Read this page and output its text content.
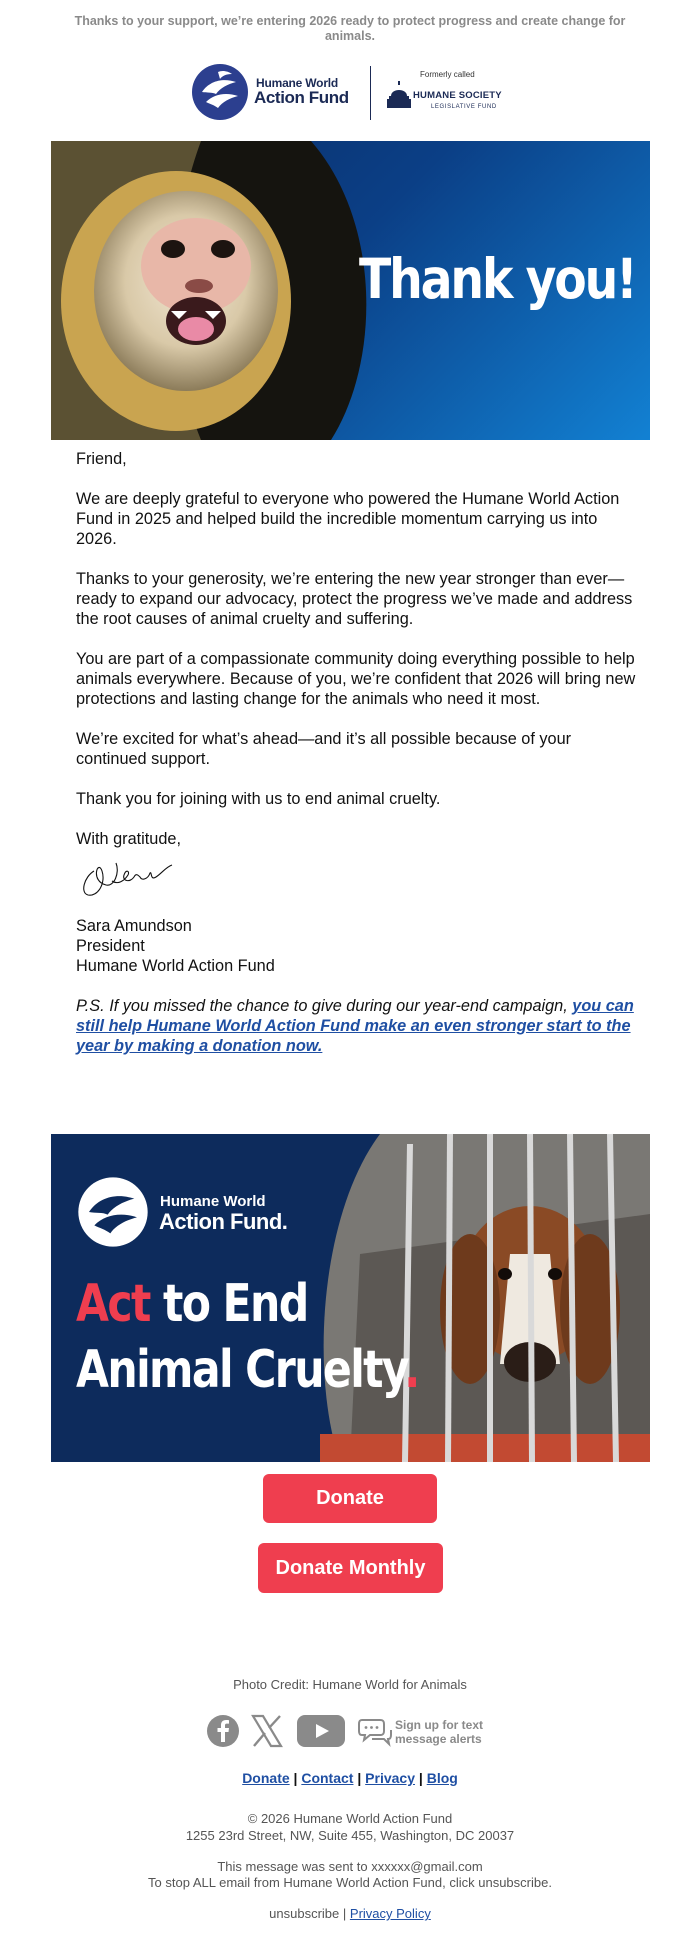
Thanks to your support, we’re entering 2026 ready to protect progress and create change for animals.
Humane World
Action Fund
Formerly called
HUMANE SOCIETY
LEGISLATIVE FUND
Thank you!

Friend,

We are deeply grateful to everyone who powered the Humane World Action Fund in 2025 and helped build the incredible momentum carrying us into 2026.

Thanks to your generosity, we’re entering the new year stronger than ever—ready to expand our advocacy, protect the progress we’ve made and address the root causes of animal cruelty and suffering.

You are part of a compassionate community doing everything possible to help animals everywhere. Because of you, we’re confident that 2026 will bring new protections and lasting change for the animals who need it most.

We’re excited for what’s ahead—and it’s all possible because of your continued support.

Thank you for joining with us to end animal cruelty.

With gratitude,

Sara

Sara Amundson

President

Humane World Action Fund

P.S. If you missed the chance to give during our year-end campaign, you can still help Humane World Action Fund make an even stronger start to the year by making a donation now.

Humane World
Action Fund.
Act to End
Animal Cruelty.
Donate
Donate Monthly
Photo Credit: Humane World for Animals
Sign up for text
message alerts
Donate | Contact | Privacy | Blog
© 2026 Humane World Action Fund
1255 23rd Street, NW, Suite 455, Washington, DC 20037
This message was sent to xxxxxx@gmail.com
To stop ALL email from Humane World Action Fund, click unsubscribe.
unsubscribe | Privacy Policy
